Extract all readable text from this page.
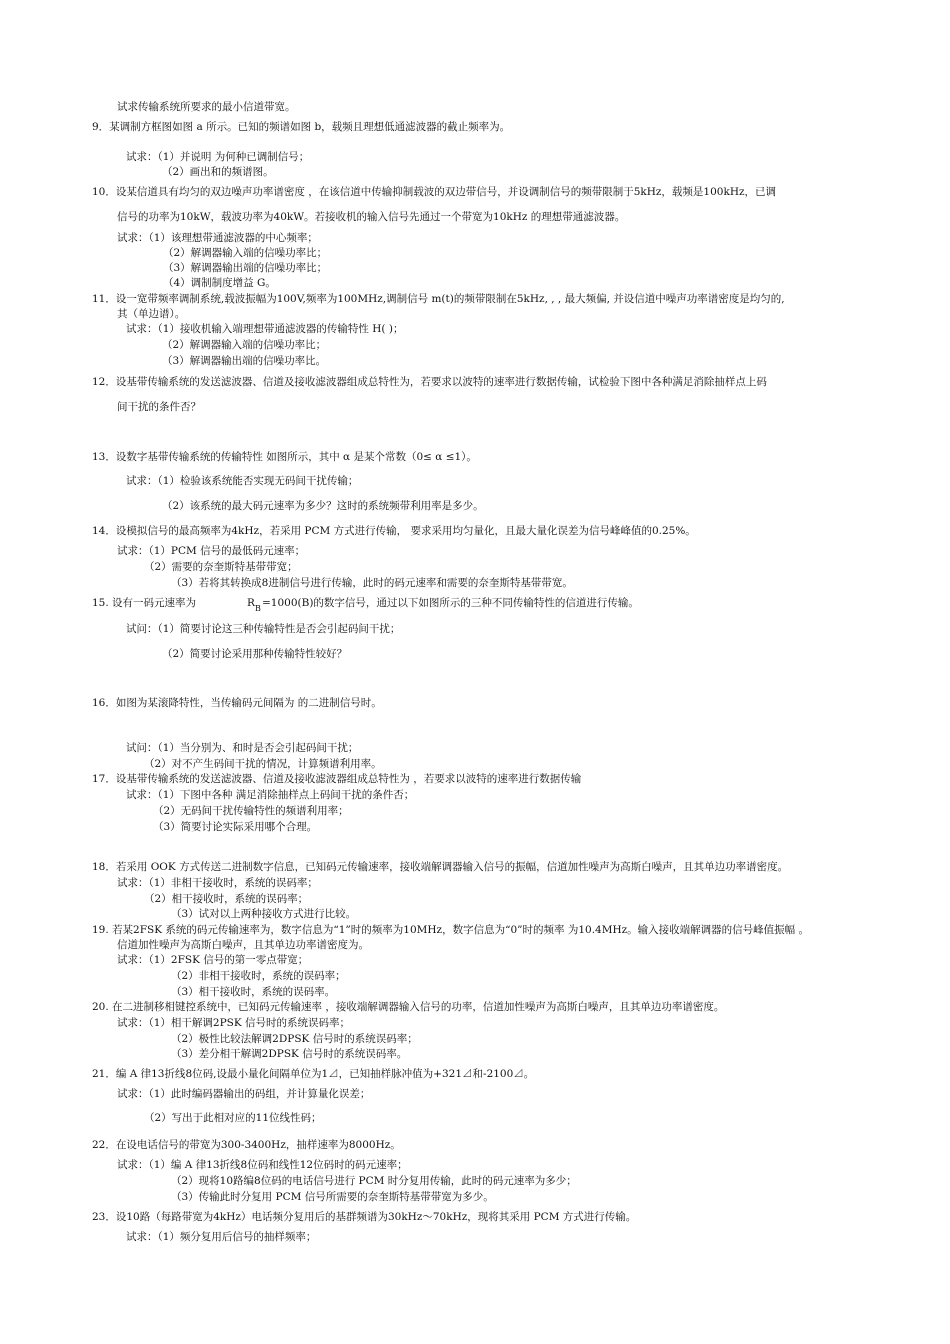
试求传输系统所要求的最小信道带宽。
9．某调制方框图如图 a 所示。已知的频谱如图 b，载频且理想低通滤波器的截止频率为。
试求：（1）并说明 为何种已调制信号；
（2）画出和的频谱图。
10．设某信道具有均匀的双边噪声功率谱密度 ，在该信道中传输抑制载波的双边带信号，并设调制信号的频带限制于5kHz，载频是100kHz，已调
信号的功率为10kW，载波功率为40kW。若接收机的输入信号先通过一个带宽为10kHz 的理想带通滤波器。
试求：（1）该理想带通滤波器的中心频率；
（2）解调器输入端的信噪功率比；
（3）解调器输出端的信噪功率比；
（4）调制制度增益 G。
11．设一宽带频率调制系统,载波振幅为100V,频率为100MHz,调制信号 m(t)的频带限制在5kHz, , , 最大频偏, 并设信道中噪声功率谱密度是均匀的,
其（单边谱）。
试求：（1）接收机输入端理想带通滤波器的传输特性 H( )；
（2）解调器输入端的信噪功率比；
（3）解调器输出端的信噪功率比。
12．设基带传输系统的发送滤波器、信道及接收滤波器组成总特性为，若要求以波特的速率进行数据传输，试检验下图中各种满足消除抽样点上码
间干扰的条件否？
13．设数字基带传输系统的传输特性 如图所示，其中 α 是某个常数（0≤ α ≤1）。
试求：（1）检验该系统能否实现无码间干扰传输；
（2）该系统的最大码元速率为多少？这时的系统频带利用率是多少。
14．设模拟信号的最高频率为4kHz，若采用 PCM 方式进行传输， 要求采用均匀量化，且最大量化误差为信号峰峰值的0.25%。
试求：（1）PCM 信号的最低码元速率；
（2）需要的奈奎斯特基带带宽；
（3）若将其转换成8进制信号进行传输，此时的码元速率和需要的奈奎斯特基带带宽。
15. 设有一码元速率为	R B =1000(B)的数字信号，通过以下如图所示的三种不同传输特性的信道进行传输。
试问：（1）简要讨论这三种传输特性是否会引起码间干扰；
（2）简要讨论采用那种传输特性较好？
16．如图为某滚降特性，当传输码元间隔为 的二进制信号时。
试问：（1）当分别为、和时是否会引起码间干扰；
（2）对不产生码间干扰的情况，计算频谱利用率。
17．设基带传输系统的发送滤波器、信道及接收滤波器组成总特性为 ，若要求以波特的速率进行数据传输
试求：（1）下图中各种 满足消除抽样点上码间干扰的条件否；
（2）无码间干扰传输特性的频谱利用率；
（3）简要讨论实际采用哪个合理。
18．若采用 OOK 方式传送二进制数字信息，已知码元传输速率，接收端解调器输入信号的振幅，信道加性噪声为高斯白噪声，且其单边功率谱密度。
试求：（1）非相干接收时，系统的误码率；
（2）相干接收时，系统的误码率；
（3）试对以上两种接收方式进行比较。
19. 若某2FSK 系统的码元传输速率为，数字信息为“1”时的频率为10MHz，数字信息为“0”时的频率 为10.4MHz。输入接收端解调器的信号峰值振幅 。
信道加性噪声为高斯白噪声，且其单边功率谱密度为。
试求：（1）2FSK 信号的第一零点带宽；
（2）非相干接收时，系统的误码率；
（3）相干接收时，系统的误码率。
20. 在二进制移相键控系统中，已知码元传输速率 ，接收端解调器输入信号的功率，信道加性噪声为高斯白噪声，且其单边功率谱密度。
试求：（1）相干解调2PSK 信号时的系统误码率；
（2）极性比较法解调2DPSK 信号时的系统误码率；
（3）差分相干解调2DPSK 信号时的系统误码率。
21．编 A 律13折线8位码,设最小量化间隔单位为1⊿，已知抽样脉冲值为+321⊿和-2100⊿。
试求：（1）此时编码器输出的码组，并计算量化误差；
（2）写出于此相对应的11位线性码；
22．在设电话信号的带宽为300-3400Hz，抽样速率为8000Hz。
试求：（1）编 A 律13折线8位码和线性12位码时的码元速率；
（2）现将10路编8位码的电话信号进行 PCM 时分复用传输，此时的码元速率为多少；
（3）传输此时分复用 PCM 信号所需要的奈奎斯特基带带宽为多少。
23．设10路（每路带宽为4kHz）电话频分复用后的基群频谱为30kHz～70kHz，现将其采用 PCM 方式进行传输。
试求：（1）频分复用后信号的抽样频率；
